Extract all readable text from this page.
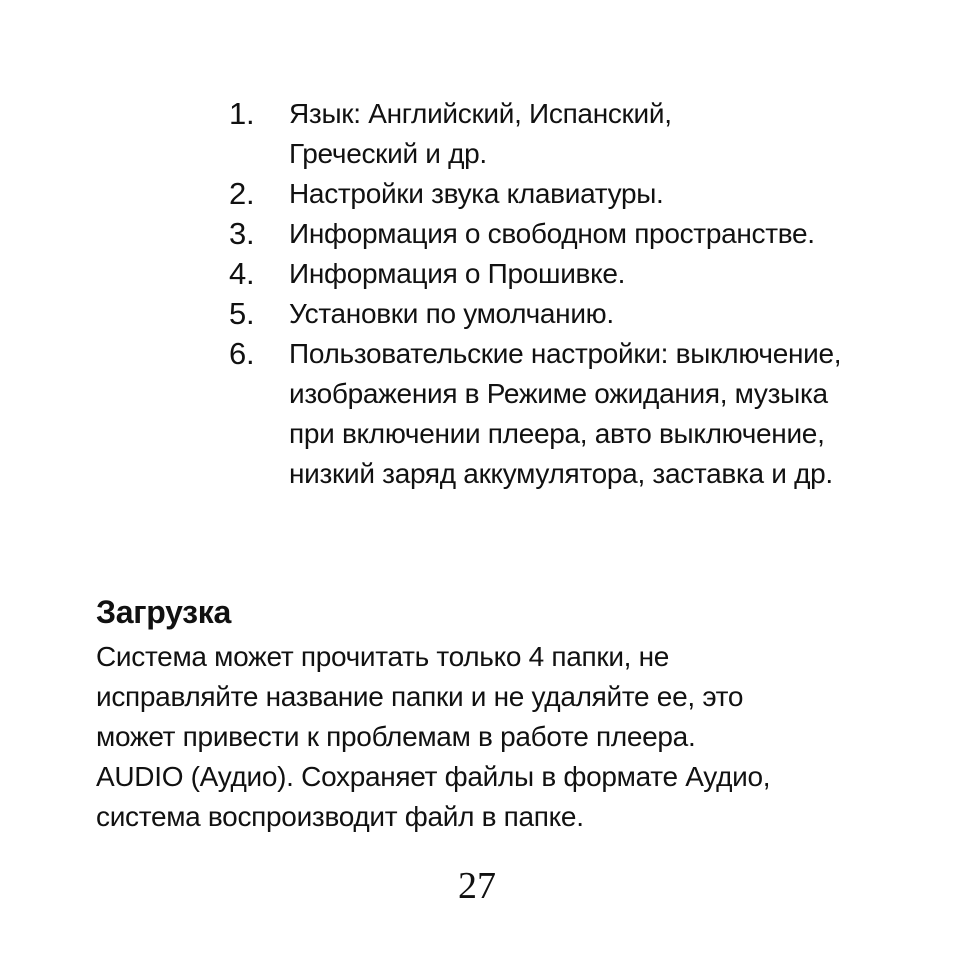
1. Язык: Английский, Испанский, Греческий и др.
2. Настройки звука клавиатуры.
3. Информация о свободном пространстве.
4. Информация о Прошивке.
5. Установки по умолчанию.
6. Пользовательские настройки: выключение, изображения в Режиме ожидания, музыка при включении плеера, авто выключение, низкий заряд аккумулятора, заставка и др.
Загрузка

Система может прочитать только 4 папки, не

исправляйте название папки и не удаляйте ее, это

может привести к проблемам в работе плеера.

AUDIO (Аудио). Сохраняет файлы в формате Аудио,

система воспроизводит файл в папке.

27
